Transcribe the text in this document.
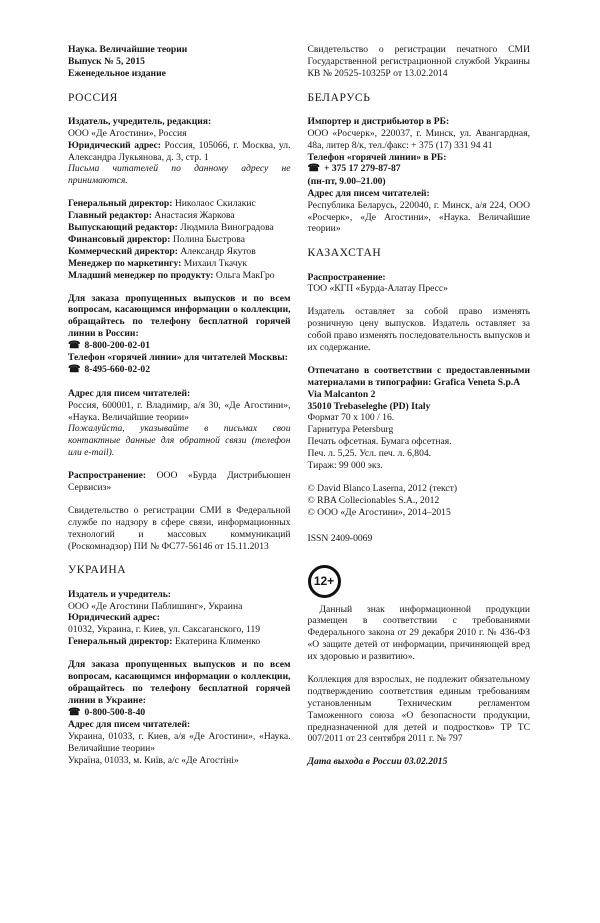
Наука. Величайшие теории

Выпуск № 5, 2015

Еженедельное издание

РОССИЯ

Издатель, учредитель, редакция:

ООО «Де Агостини», Россия

Юридический адрес: Россия, 105066, г. Москва, ул. Александра Лукьянова, д. 3, стр. 1

Письма читателей по данному адресу не принимаются.

Генеральный директор: Николаос Скилакис

Главный редактор: Анастасия Жаркова

Выпускающий редактор: Людмила Виноградова

Финансовый директор: Полина Быстрова

Коммерческий директор: Александр Якутов

Менеджер по маркетингу: Михаил Ткачук

Младший менеджер по продукту: Ольга МакГро

Для заказа пропущенных выпусков и по всем вопросам, касающимся информации о коллекции, обращайтесь по телефону бесплатной горячей линии в России:

☎ 8-800-200-02-01

Телефон «горячей линии» для читателей Москвы:

☎ 8-495-660-02-02

Адрес для писем читателей:

Россия, 600001, г. Владимир, а/я 30, «Де Агостини», «Наука. Величайшие теории»

Пожалуйста, указывайте в письмах свои контактные данные для обратной связи (телефон или e-mail).

Распространение: ООО «Бурда Дистрибьюшен Сервисиз»

Свидетельство о регистрации СМИ в Федеральной службе по надзору в сфере связи, информационных технологий и массовых коммуникаций (Роскомнадзор) ПИ № ФС77-56146 от 15.11.2013

УКРАИНА

Издатель и учредитель:

ООО «Де Агостини Паблишинг», Украина

Юридический адрес:

01032, Украина, г. Киев, ул. Саксаганского, 119

Генеральный директор: Екатерина Клименко

Для заказа пропущенных выпусков и по всем вопросам, касающимся информации о коллекции, обращайтесь по телефону бесплатной горячей линии в Украине:

☎ 0-800-500-8-40

Адрес для писем читателей:

Украина, 01033, г. Киев, а/я «Де Агостини», «Наука. Величайшие теории»

Україна, 01033, м. Київ, а/с «Де Агостіні»

Свидетельство о регистрации печатного СМИ Государственной регистрационной службой Украины КВ № 20525-10325Р от 13.02.2014

БЕЛАРУСЬ

Импортер и дистрибьютор в РБ:

ООО «Росчерк», 220037, г. Минск, ул. Авангардная, 48а, литер 8/к, тел./факс: + 375 (17) 331 94 41

Телефон «горячей линии» в РБ:

☎ + 375 17 279-87-87

(пн-пт, 9.00–21.00)

Адрес для писем читателей:

Республика Беларусь, 220040, г. Минск, а/я 224, ООО «Росчерк», «Де Агостини», «Наука. Величайшие теории»

КАЗАХСТАН

Распространение:

ТОО «КГП «Бурда-Алатау Пресс»

Издатель оставляет за собой право изменять розничную цену выпусков. Издатель оставляет за собой право изменять последовательность выпусков и их содержание.

Отпечатано в соответствии с предоставленными материалами в типографии: Grafica Veneta S.p.A

Via Malcanton 2

35010 Trebaseleghe (PD) Italy

Формат 70 x 100 / 16.

Гарнитура Petersburg

Печать офсетная. Бумага офсетная.

Печ. л. 5,25. Усл. печ. л. 6,804.

Тираж: 99 000 экз.

© David Blanco Laserna, 2012 (текст)

© RBA Collecionables S.A., 2012

© ООО «Де Агостини», 2014–2015

ISSN 2409-0069

12+

Данный знак информационной продукции размещен в соответствии с требованиями Федерального закона от 29 декабря 2010 г. № 436-ФЗ «О защите детей от информации, причиняющей вред их здоровью и развитию».

Коллекция для взрослых, не подлежит обязательному подтверждению соответствия единым требованиям установленным Техническим регламентом Таможенного союза «О безопасности продукции, предназначенной для детей и подростков» ТР ТС 007/2011 от 23 сентября 2011 г. № 797

Дата выхода в России 03.02.2015
